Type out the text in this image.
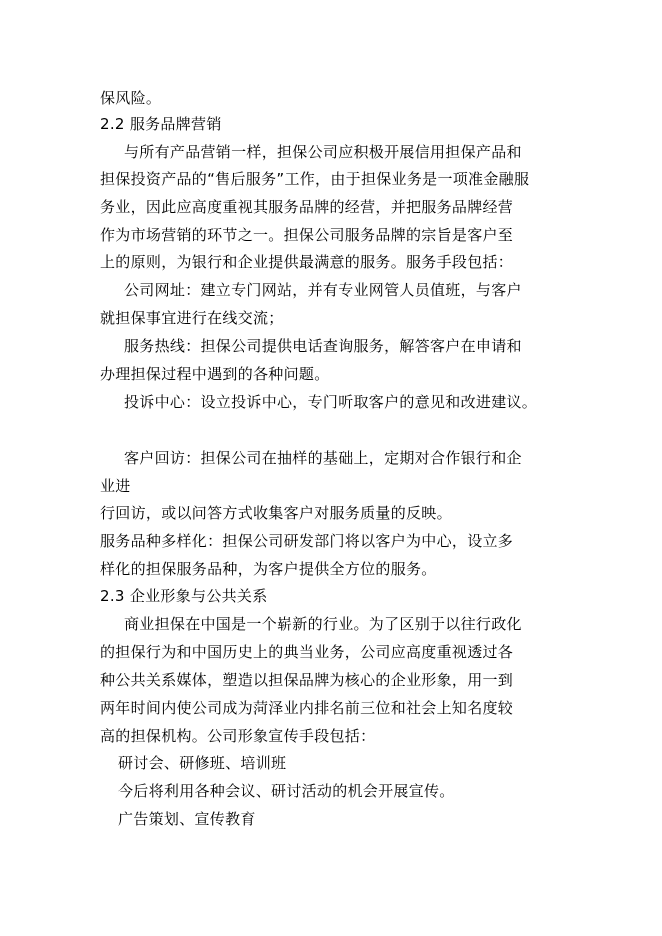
保风险。
2.2 服务品牌营销
与所有产品营销一样，担保公司应积极开展信用担保产品和
担保投资产品的“售后服务”工作，由于担保业务是一项准金融服
务业，因此应高度重视其服务品牌的经营，并把服务品牌经营
作为市场营销的环节之一。担保公司服务品牌的宗旨是客户至
上的原则，为银行和企业提供最满意的服务。服务手段包括：
公司网址：建立专门网站，并有专业网管人员值班，与客户
就担保事宜进行在线交流；
服务热线：担保公司提供电话查询服务，解答客户在申请和
办理担保过程中遇到的各种问题。
投诉中心：设立投诉中心，专门听取客户的意见和改进建议。
客户回访：担保公司在抽样的基础上，定期对合作银行和企
业进
行回访，或以问答方式收集客户对服务质量的反映。
服务品种多样化：担保公司研发部门将以客户为中心，设立多
样化的担保服务品种，为客户提供全方位的服务。
2.3 企业形象与公共关系
商业担保在中国是一个崭新的行业。为了区别于以往行政化
的担保行为和中国历史上的典当业务，公司应高度重视透过各
种公共关系媒体，塑造以担保品牌为核心的企业形象，用一到
两年时间内使公司成为菏泽业内排名前三位和社会上知名度较
高的担保机构。公司形象宣传手段包括：
研讨会、研修班、培训班
今后将利用各种会议、研讨活动的机会开展宣传。
广告策划、宣传教育
